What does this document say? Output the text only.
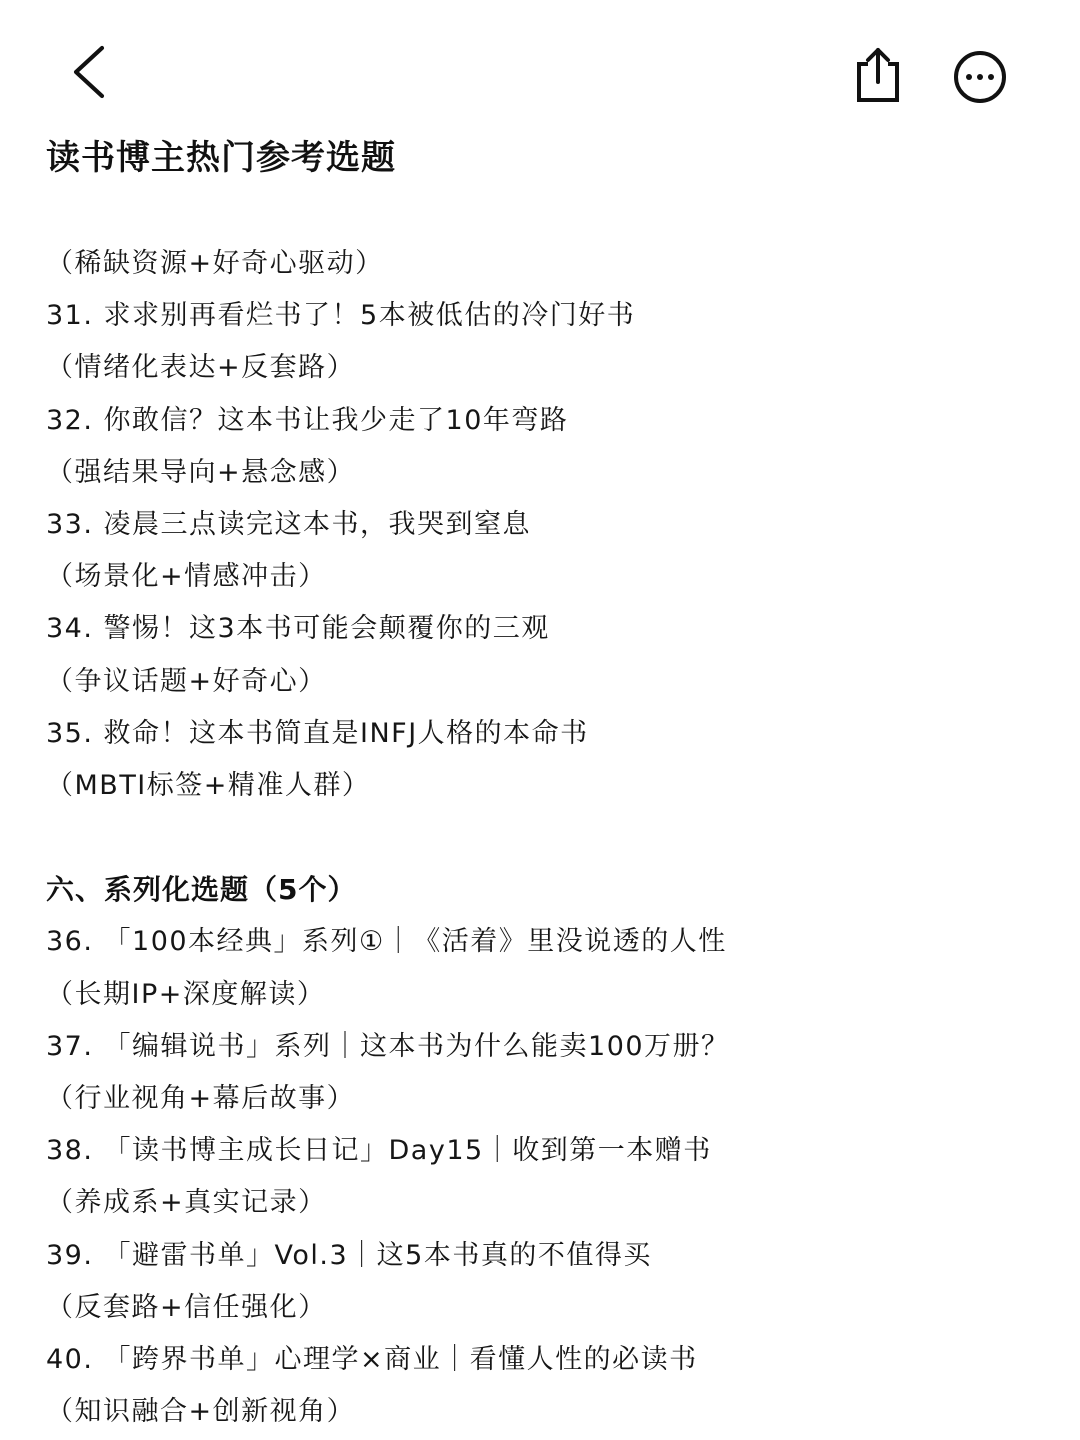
读书博主热门参考选题
（稀缺资源+好奇心驱动）
31. 求求别再看烂书了！5本被低估的冷门好书
（情绪化表达+反套路）
32. 你敢信？这本书让我少走了10年弯路
（强结果导向+悬念感）
33. 凌晨三点读完这本书，我哭到窒息
（场景化+情感冲击）
34. 警惕！这3本书可能会颠覆你的三观
（争议话题+好奇心）
35. 救命！这本书简直是INFJ人格的本命书
（MBTI标签+精准人群）
六、系列化选题（5个）
36. 「100本经典」系列①｜《活着》里没说透的人性
（长期IP+深度解读）
37. 「编辑说书」系列｜这本书为什么能卖100万册？
（行业视角+幕后故事）
38. 「读书博主成长日记」Day15｜收到第一本赠书
（养成系+真实记录）
39. 「避雷书单」Vol.3｜这5本书真的不值得买
（反套路+信任强化）
40. 「跨界书单」心理学×商业｜看懂人性的必读书
（知识融合+创新视角）
